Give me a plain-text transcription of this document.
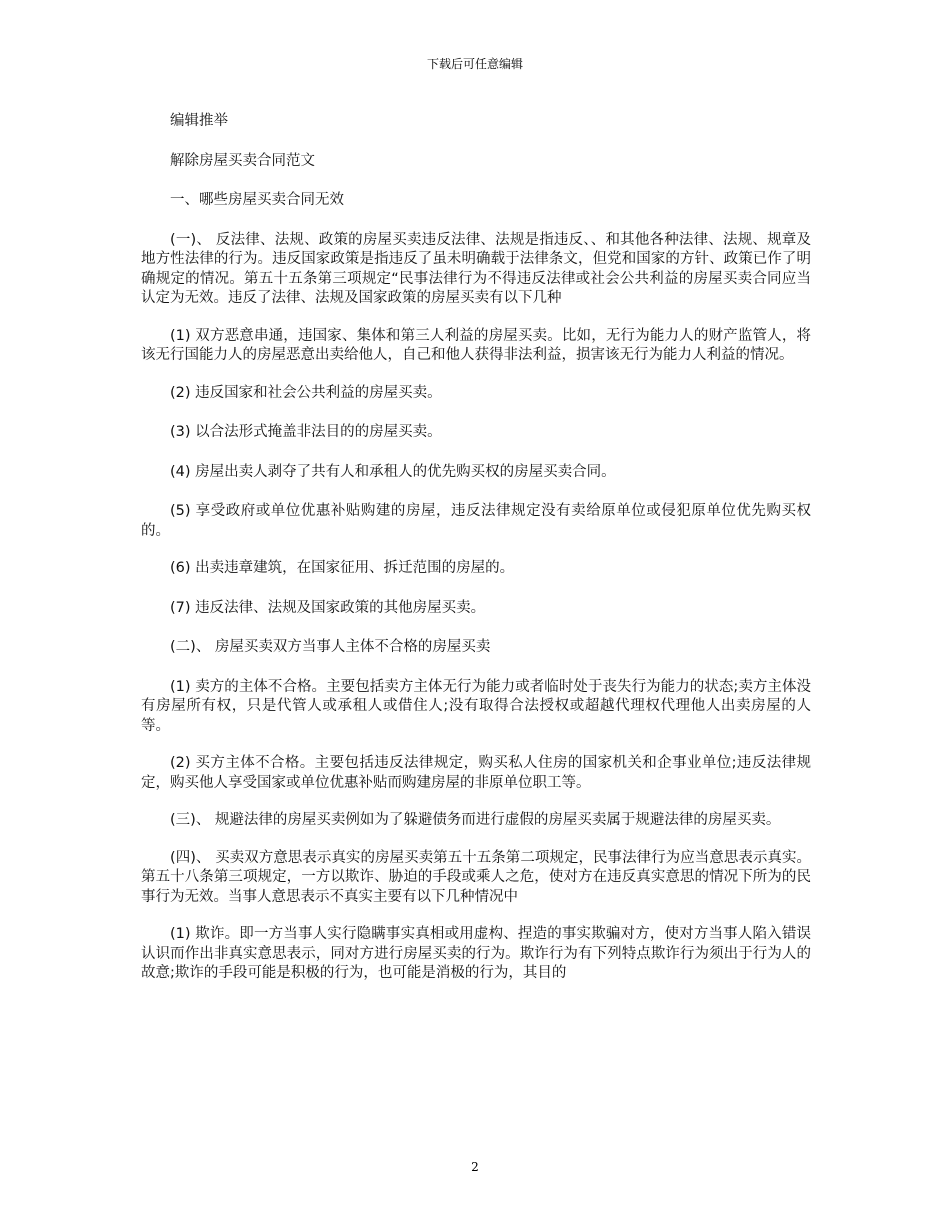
下载后可任意编辑

编辑推举

解除房屋买卖合同范文

一、哪些房屋买卖合同无效

(一)、 反法律、法规、政策的房屋买卖违反法律、法规是指违反、、和其他各种法律、法规、规章及地方性法律的行为。违反国家政策是指违反了虽未明确载于法律条文，但党和国家的方针、政策已作了明确规定的情况。第五十五条第三项规定“民事法律行为不得违反法律或社会公共利益的房屋买卖合同应当认定为无效。违反了法律、法规及国家政策的房屋买卖有以下几种

(1) 双方恶意串通，违国家、集体和第三人利益的房屋买卖。比如，无行为能力人的财产监管人，将该无行国能力人的房屋恶意出卖给他人，自己和他人获得非法利益，损害该无行为能力人利益的情况。

(2) 违反国家和社会公共利益的房屋买卖。

(3) 以合法形式掩盖非法目的的房屋买卖。

(4) 房屋出卖人剥夺了共有人和承租人的优先购买权的房屋买卖合同。

(5) 享受政府或单位优惠补贴购建的房屋，违反法律规定没有卖给原单位或侵犯原单位优先购买权的。

(6) 出卖违章建筑，在国家征用、拆迁范围的房屋的。

(7) 违反法律、法规及国家政策的其他房屋买卖。

(二)、 房屋买卖双方当事人主体不合格的房屋买卖

(1) 卖方的主体不合格。主要包括卖方主体无行为能力或者临时处于丧失行为能力的状态;卖方主体没有房屋所有权，只是代管人或承租人或借住人;没有取得合法授权或超越代理权代理他人出卖房屋的人等。

(2) 买方主体不合格。主要包括违反法律规定，购买私人住房的国家机关和企事业单位;违反法律规定，购买他人享受国家或单位优惠补贴而购建房屋的非原单位职工等。

(三)、 规避法律的房屋买卖例如为了躲避债务而进行虚假的房屋买卖属于规避法律的房屋买卖。

(四)、 买卖双方意思表示真实的房屋买卖第五十五条第二项规定，民事法律行为应当意思表示真实。第五十八条第三项规定，一方以欺诈、胁迫的手段或乘人之危，使对方在违反真实意思的情况下所为的民事行为无效。当事人意思表示不真实主要有以下几种情况中

(1) 欺诈。即一方当事人实行隐瞒事实真相或用虚构、捏造的事实欺骗对方，使对方当事人陷入错误认识而作出非真实意思表示，同对方进行房屋买卖的行为。欺诈行为有下列特点欺诈行为须出于行为人的故意;欺诈的手段可能是积极的行为，也可能是消极的行为，其目的

2
